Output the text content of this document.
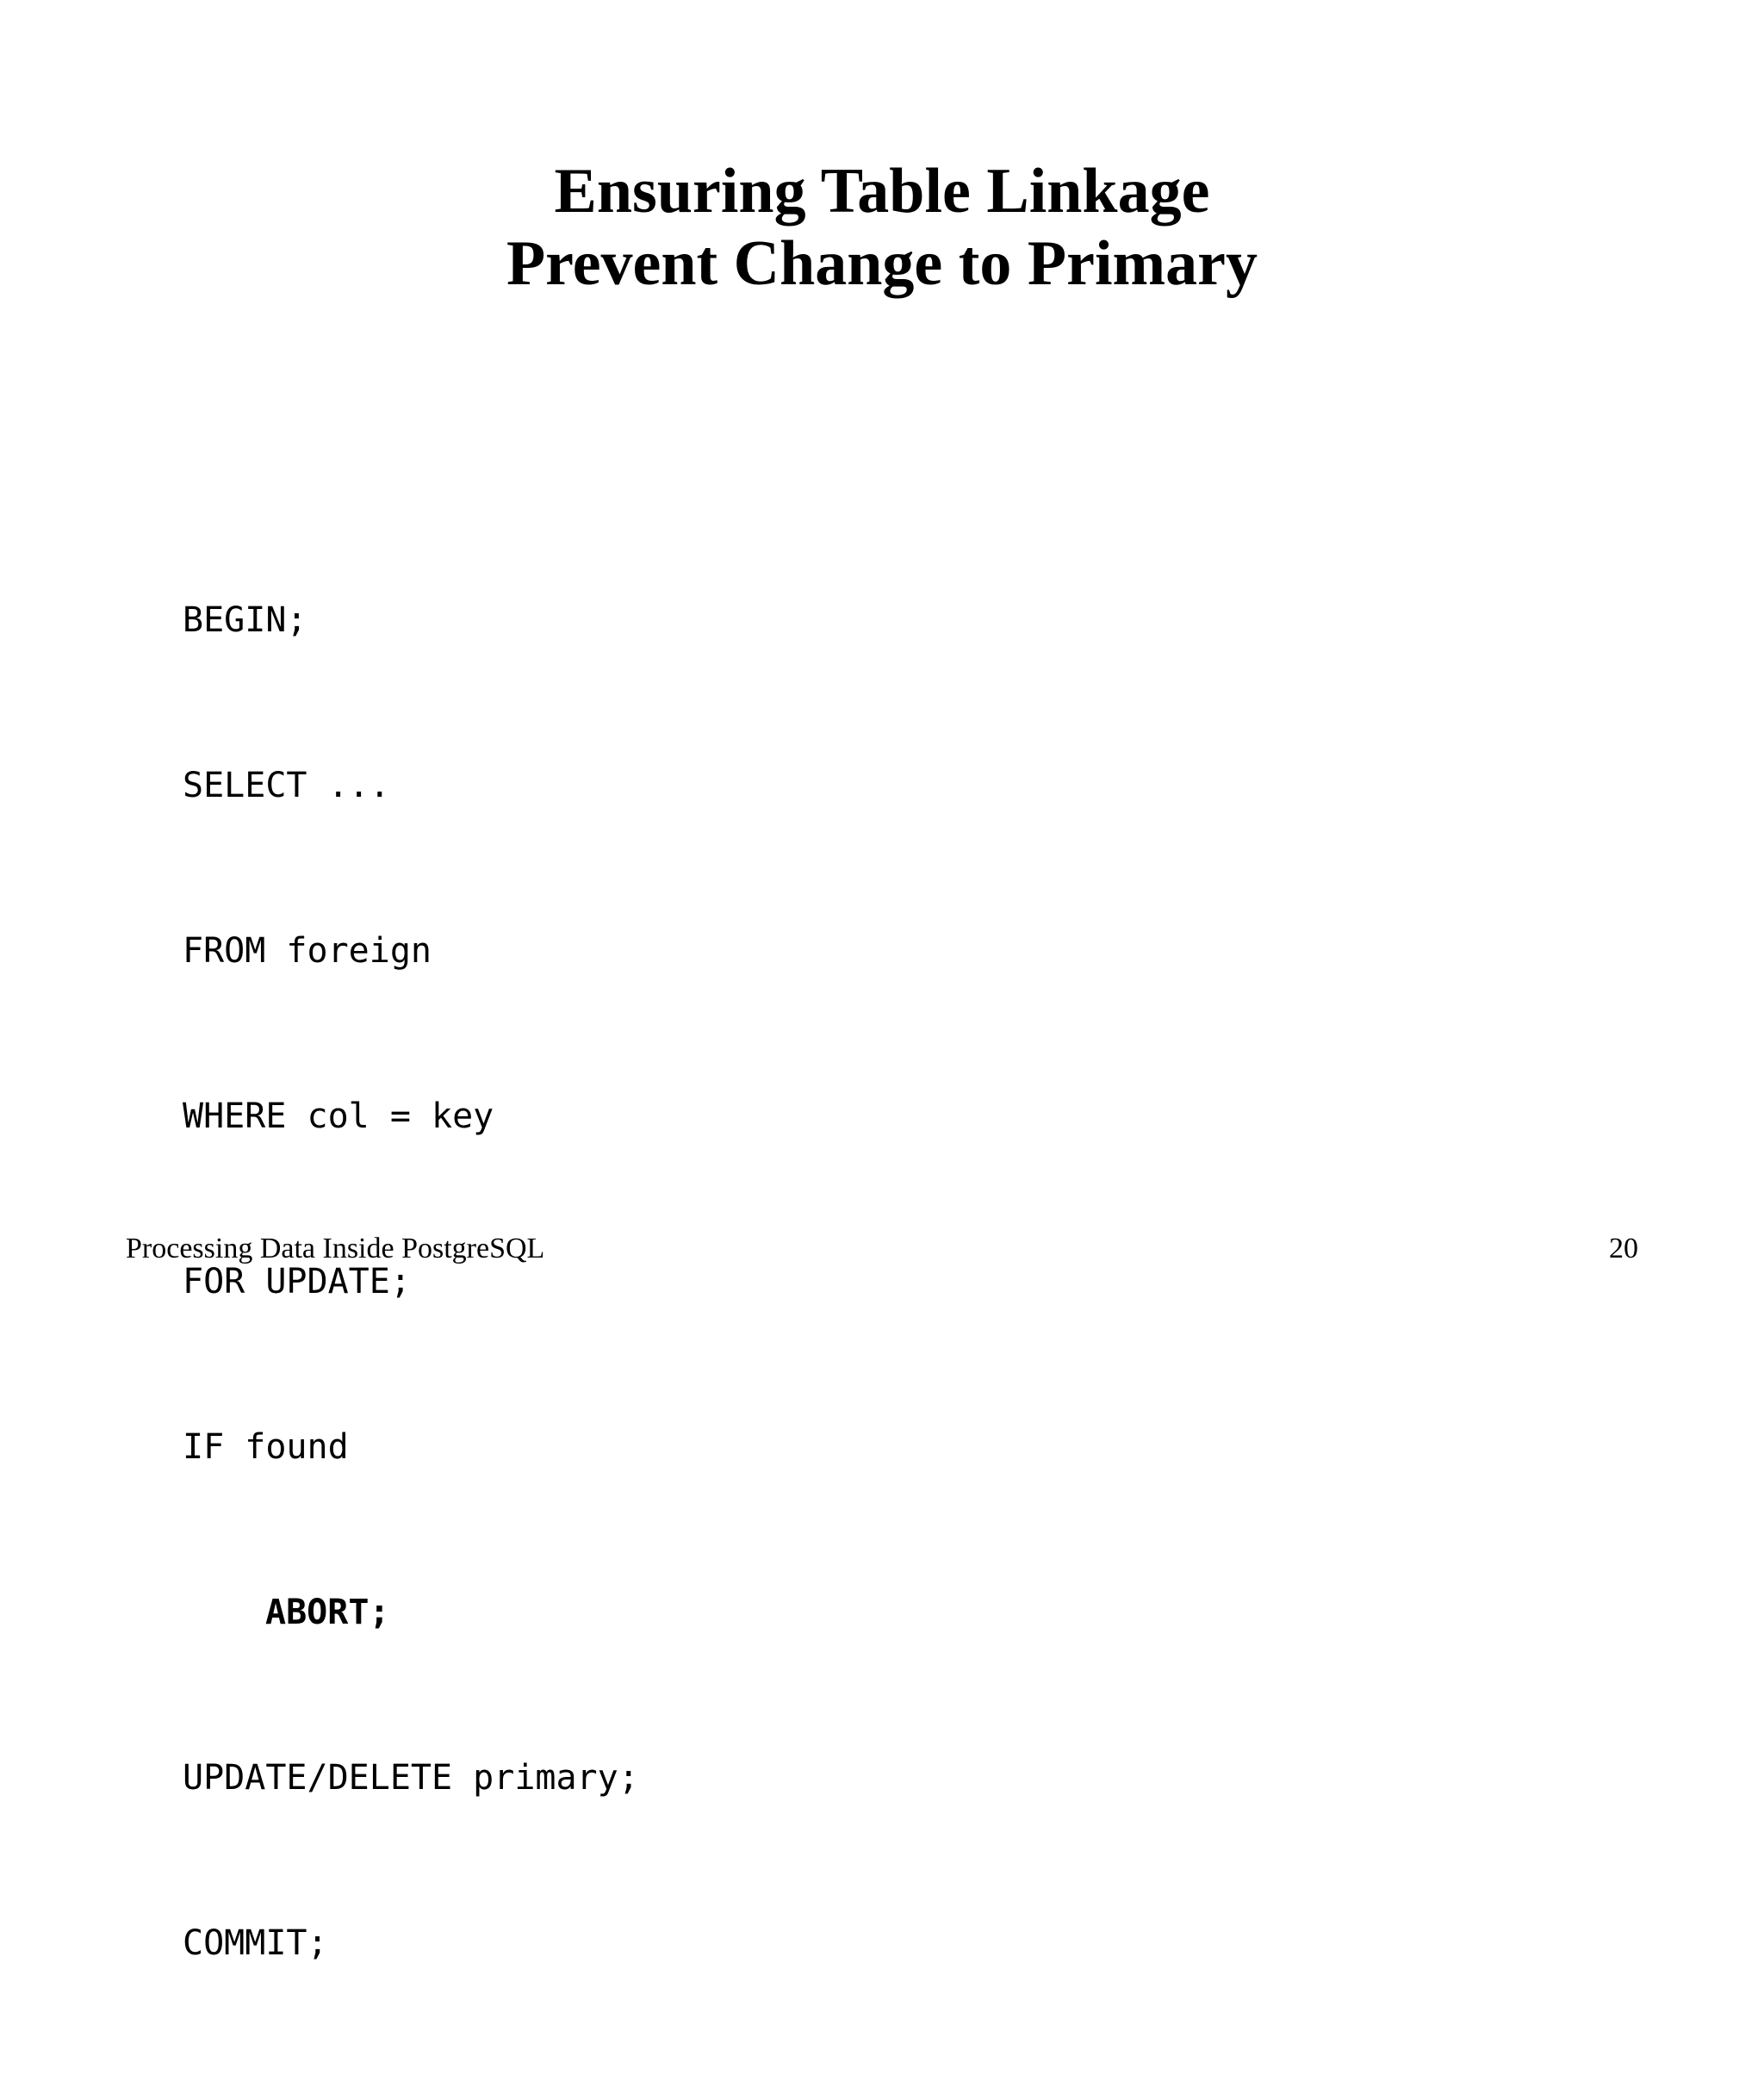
Ensuring Table Linkage
Prevent Change to Primary

BEGIN;

SELECT ...

FROM foreign

WHERE col = key

FOR UPDATE;

IF found

ABORT;

UPDATE/DELETE primary;

COMMIT;

Processing Data Inside PostgreSQL	20
